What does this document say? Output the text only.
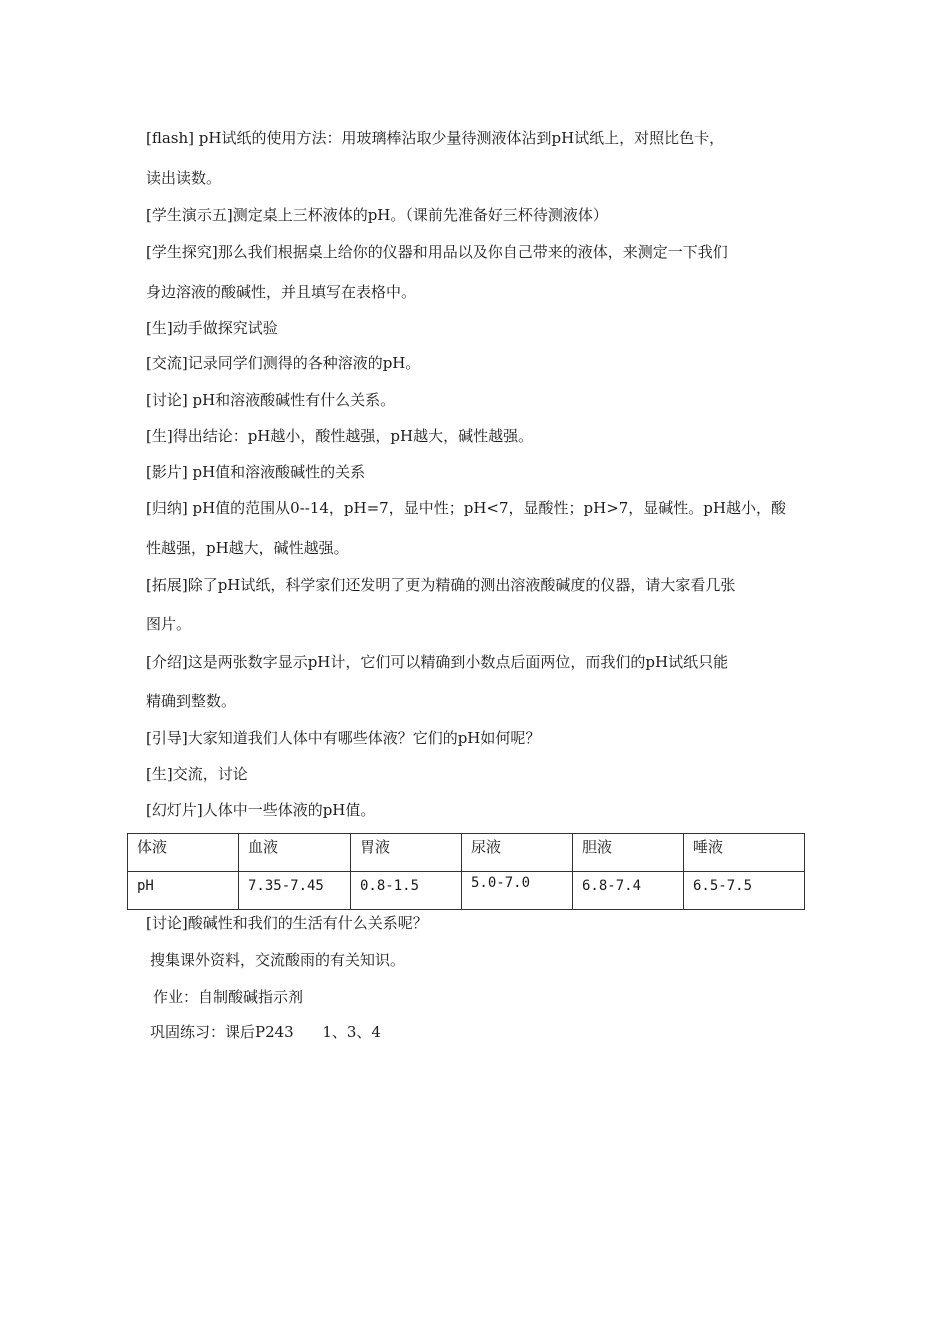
[flash] pH试纸的使用方法：用玻璃棒沾取少量待测液体沾到pH试纸上，对照比色卡，
读出读数。
[学生演示五]测定桌上三杯液体的pH。（课前先准备好三杯待测液体）
[学生探究]那么我们根据桌上给你的仪器和用品以及你自己带来的液体，来测定一下我们
身边溶液的酸碱性，并且填写在表格中。
[生]动手做探究试验
[交流]记录同学们测得的各种溶液的pH。
[讨论] pH和溶液酸碱性有什么关系。
[生]得出结论：pH越小，酸性越强，pH越大，碱性越强。
[影片] pH值和溶液酸碱性的关系
[归纳] pH值的范围从0--14，pH=7，显中性；pH<7，显酸性；pH>7，显碱性。pH越小，酸
性越强，pH越大，碱性越强。
[拓展]除了pH试纸，科学家们还发明了更为精确的测出溶液酸碱度的仪器，请大家看几张
图片。
[介绍]这是两张数字显示pH计，它们可以精确到小数点后面两位，而我们的pH试纸只能
精确到整数。
[引导]大家知道我们人体中有哪些体液？它们的pH如何呢？
[生]交流，讨论
[幻灯片]人体中一些体液的pH值。
体液	血液	胃液	尿液	胆液	唾液
pH	7.35-7.45	0.8-1.5	5.0-7.0	6.8-7.4	6.5-7.5
[讨论]酸碱性和我们的生活有什么关系呢？
搜集课外资料，交流酸雨的有关知识。
作业：自制酸碱指示剂
巩固练习：课后P243      1、3、4
